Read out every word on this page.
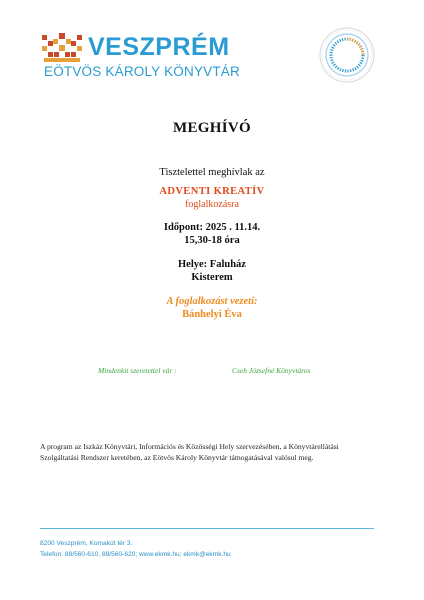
VESZPRÉM
EÖTVÖS KÁROLY KÖNYVTÁR
MEGHÍVÓ
Tisztelettel meghívlak az
ADVENTI KREATÍV
foglalkozásra
Időpont: 2025 . 11.14.
15,30-18 óra
Helye: Faluház
Kisterem
A foglalkozást vezeti:
Bánhelyi Éva
Mindenkit szeretettel vár :	Cseh Józsefné Könyvtáros
A program az Iszkáz Könyvtári, Információs és Közösségi Hely szervezésében, a Könyvtárellátási
Szolgáltatási Rendszer keretében, az Eötvös Károly Könyvtár támogatásával valósul meg.
8200 Veszprém, Komakút tér 3.
Telefon: 88/560-610, 88/560-620; www.ekmk.hu; ekmk@ekmk.hu
